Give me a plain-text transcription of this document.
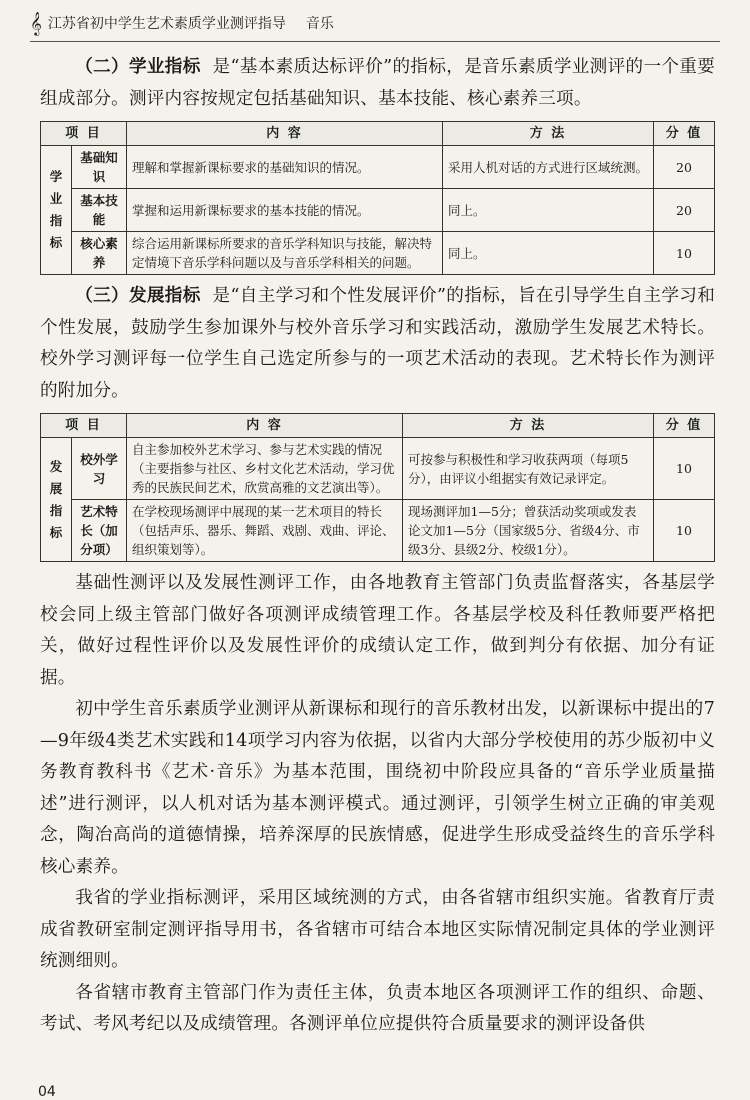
𝄞 江苏省初中学生艺术素质学业测评指导 音乐

（二）学业指标 是“基本素质达标评价”的指标，是音乐素质学业测评的一个重要组成部分。测评内容按规定包括基础知识、基本技能、核心素养三项。

项 目		内 容	方 法	分 值
学业指标	基础知识	理解和掌握新课标要求的基础知识的情况。	采用人机对话的方式进行区域统测。	20
	基本技能	掌握和运用新课标要求的基本技能的情况。	同上。	20
	核心素养	综合运用新课标所要求的音乐学科知识与技能，解决特定情境下音乐学科问题以及与音乐学科相关的问题。	同上。	10

（三）发展指标 是“自主学习和个性发展评价”的指标，旨在引导学生自主学习和个性发展，鼓励学生参加课外与校外音乐学习和实践活动，激励学生发展艺术特长。校外学习测评每一位学生自己选定所参与的一项艺术活动的表现。艺术特长作为测评的附加分。

项 目		内 容	方 法	分 值
发展指标	校外学习	自主参加校外艺术学习、参与艺术实践的情况（主要指参与社区、乡村文化艺术活动，学习优秀的民族民间艺术，欣赏高雅的文艺演出等）。	可按参与积极性和学习收获两项（每项5分），由评议小组据实有效记录评定。	10
	艺术特长（加分项）	在学校现场测评中展现的某一艺术项目的特长（包括声乐、器乐、舞蹈、戏剧、戏曲、评论、组织策划等）。	现场测评加1—5分；曾获活动奖项或发表论文加1—5分（国家级5分、省级4分、市级3分、县级2分、校级1分）。	10

基础性测评以及发展性测评工作，由各地教育主管部门负责监督落实，各基层学校会同上级主管部门做好各项测评成绩管理工作。各基层学校及科任教师要严格把关，做好过程性评价以及发展性评价的成绩认定工作，做到判分有依据、加分有证据。

初中学生音乐素质学业测评从新课标和现行的音乐教材出发，以新课标中提出的7—9年级4类艺术实践和14项学习内容为依据，以省内大部分学校使用的苏少版初中义务教育教科书《艺术·音乐》为基本范围，围绕初中阶段应具备的“音乐学业质量描述”进行测评，以人机对话为基本测评模式。通过测评，引领学生树立正确的审美观念，陶冶高尚的道德情操，培养深厚的民族情感，促进学生形成受益终生的音乐学科核心素养。

我省的学业指标测评，采用区域统测的方式，由各省辖市组织实施。省教育厅责成省教研室制定测评指导用书，各省辖市可结合本地区实际情况制定具体的学业测评统测细则。

各省辖市教育主管部门作为责任主体，负责本地区各项测评工作的组织、命题、考试、考风考纪以及成绩管理。各测评单位应提供符合质量要求的测评设备供

04
